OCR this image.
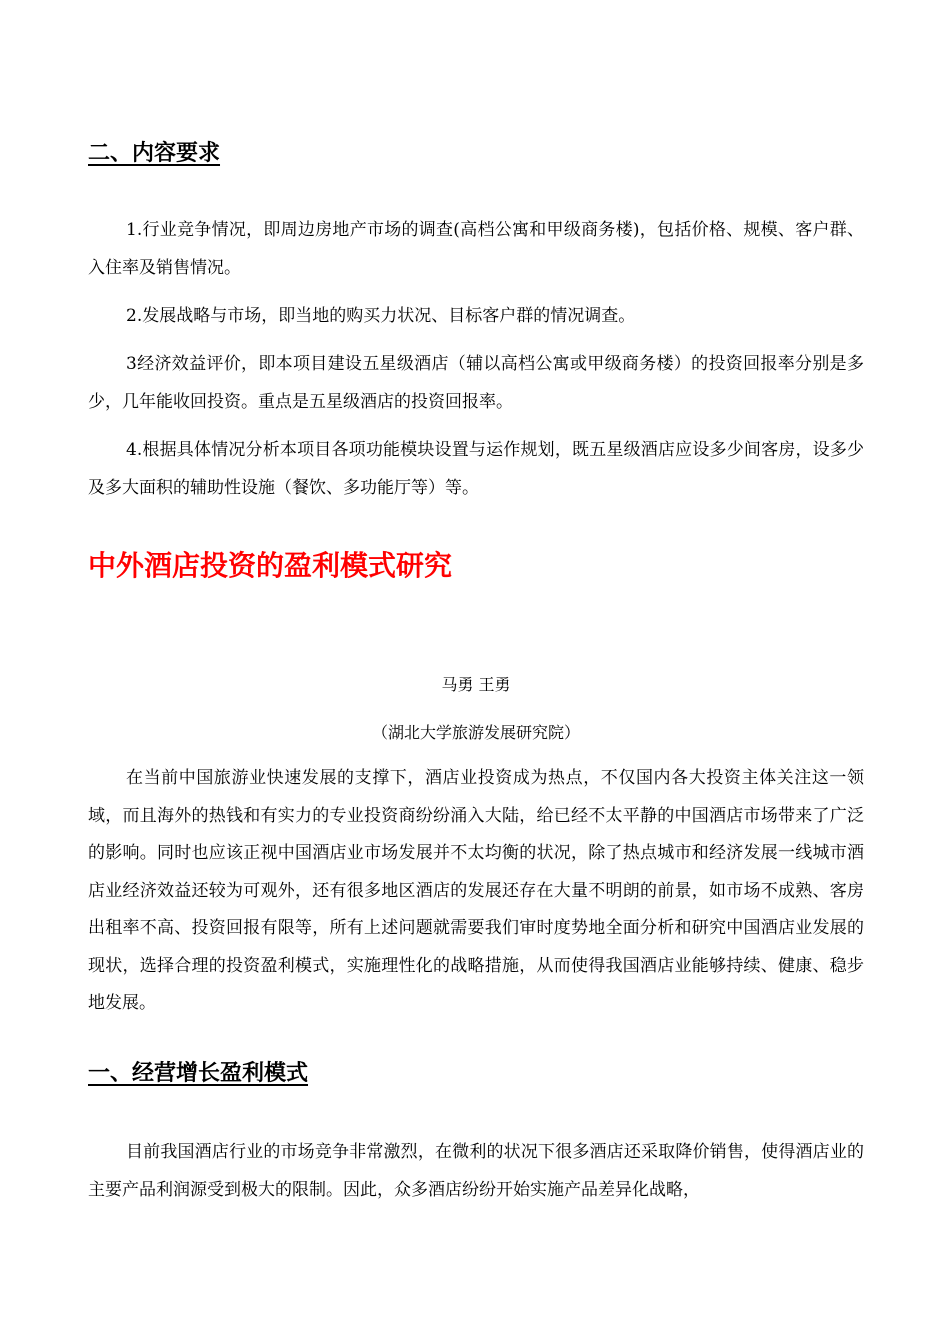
二、内容要求
1.行业竞争情况，即周边房地产市场的调查(高档公寓和甲级商务楼)，包括价格、规模、客户群、入住率及销售情况。
2.发展战略与市场，即当地的购买力状况、目标客户群的情况调查。
3经济效益评价，即本项目建设五星级酒店（辅以高档公寓或甲级商务楼）的投资回报率分别是多少，几年能收回投资。重点是五星级酒店的投资回报率。
4.根据具体情况分析本项目各项功能模块设置与运作规划，既五星级酒店应设多少间客房，设多少及多大面积的辅助性设施（餐饮、多功能厅等）等。
中外酒店投资的盈利模式研究
马勇 王勇
（湖北大学旅游发展研究院）
在当前中国旅游业快速发展的支撑下，酒店业投资成为热点，不仅国内各大投资主体关注这一领域，而且海外的热钱和有实力的专业投资商纷纷涌入大陆，给已经不太平静的中国酒店市场带来了广泛的影响。同时也应该正视中国酒店业市场发展并不太均衡的状况，除了热点城市和经济发展一线城市酒店业经济效益还较为可观外，还有很多地区酒店的发展还存在大量不明朗的前景，如市场不成熟、客房出租率不高、投资回报有限等，所有上述问题就需要我们审时度势地全面分析和研究中国酒店业发展的现状，选择合理的投资盈利模式，实施理性化的战略措施，从而使得我国酒店业能够持续、健康、稳步地发展。
一、经营增长盈利模式
目前我国酒店行业的市场竞争非常激烈，在微利的状况下很多酒店还采取降价销售，使得酒店业的主要产品利润源受到极大的限制。因此，众多酒店纷纷开始实施产品差异化战略，
